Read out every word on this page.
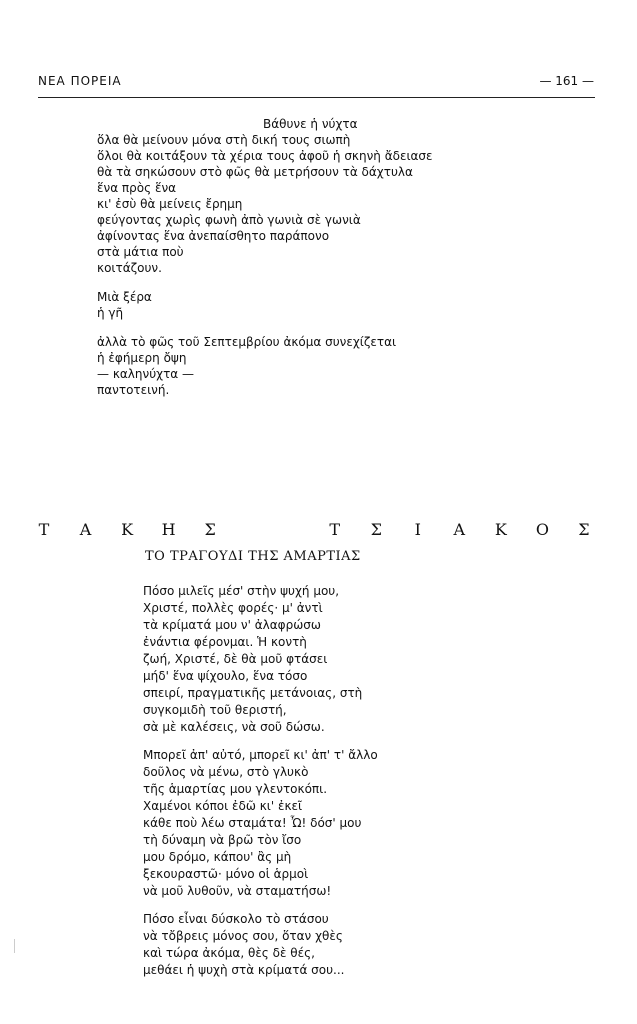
ΝΕΑ ΠΟΡΕΙΑ	— 161 —
Βάθυνε ἡ νύχτα
ὅλα θὰ μείνουν μόνα στὴ δική τους σιωπὴ
ὅλοι θὰ κοιτάξουν τὰ χέρια τους ἀφοῦ ἡ σκηνὴ ἄδειασε
θὰ τὰ σηκώσουν στὸ φῶς θὰ μετρήσουν τὰ δάχτυλα
ἕνα πρὸς ἕνα
κι' ἐσὺ θὰ μείνεις ἔρημη
φεύγοντας χωρὶς φωνὴ ἀπὸ γωνιὰ σὲ γωνιὰ
ἀφίνοντας ἕνα ἀνεπαίσθητο παράπονο
στὰ μάτια ποὺ
κοιτάζουν.
Μιὰ ξέρα
ἡ γῆ
ἀλλὰ τὸ φῶς τοῦ Σεπτεμβρίου ἀκόμα συνεχίζεται
ἡ ἐφήμερη ὄψη
— καληνύχτα —
παντοτεινή.
Τ Α Κ Η Σ	Τ Σ	Ι	Α Κ Ο Σ
ΤΟ ΤΡΑΓΟΥΔΙ ΤΗΣ ΑΜΑΡΤΙΑΣ
Πόσο μιλεῖς μέσ' στὴν ψυχή μου,
Χριστέ, πολλὲς φορές· μ' ἀντὶ
τὰ κρίματά μου ν' ἀλαφρώσω
ἐνάντια φέρονμαι. Ἡ κοντὴ
ζωή, Χριστέ, δὲ θὰ μοῦ φτάσει
μήδ' ἕνα ψίχουλο, ἕνα τόσο
σπειρί, πραγματικῆς μετάνοιας, στὴ
συγκομιδὴ τοῦ θεριστή,
σὰ μὲ καλέσεις, νὰ σοῦ δώσω.
Μπορεῖ ἀπ' αὐτό, μπορεῖ κι' ἀπ' τ' ἄλλο
δοῦλος νὰ μένω, στὸ γλυκὸ
τῆς ἁμαρτίας μου γλεντοκόπι.
Χαμένοι κόποι ἐδῶ κι' ἐκεῖ
κάθε ποὺ λέω σταμάτα! Ὦ! δόσ' μου
τὴ δύναμη νὰ βρῶ τὸν ἴσο
μου δρόμο, κάπου' ἂς μὴ
ξεκουραστῶ· μόνο οἱ ἁρμοὶ
νὰ μοῦ λυθοῦν, νὰ σταματήσω!
Πόσο εἶναι δύσκολο τὸ στάσου
νὰ τὄβρεις μόνος σου, ὅταν χθὲς
καὶ τώρα ἀκόμα, θὲς δὲ θές,
μεθάει ἡ ψυχὴ στὰ κρίματά σου...
